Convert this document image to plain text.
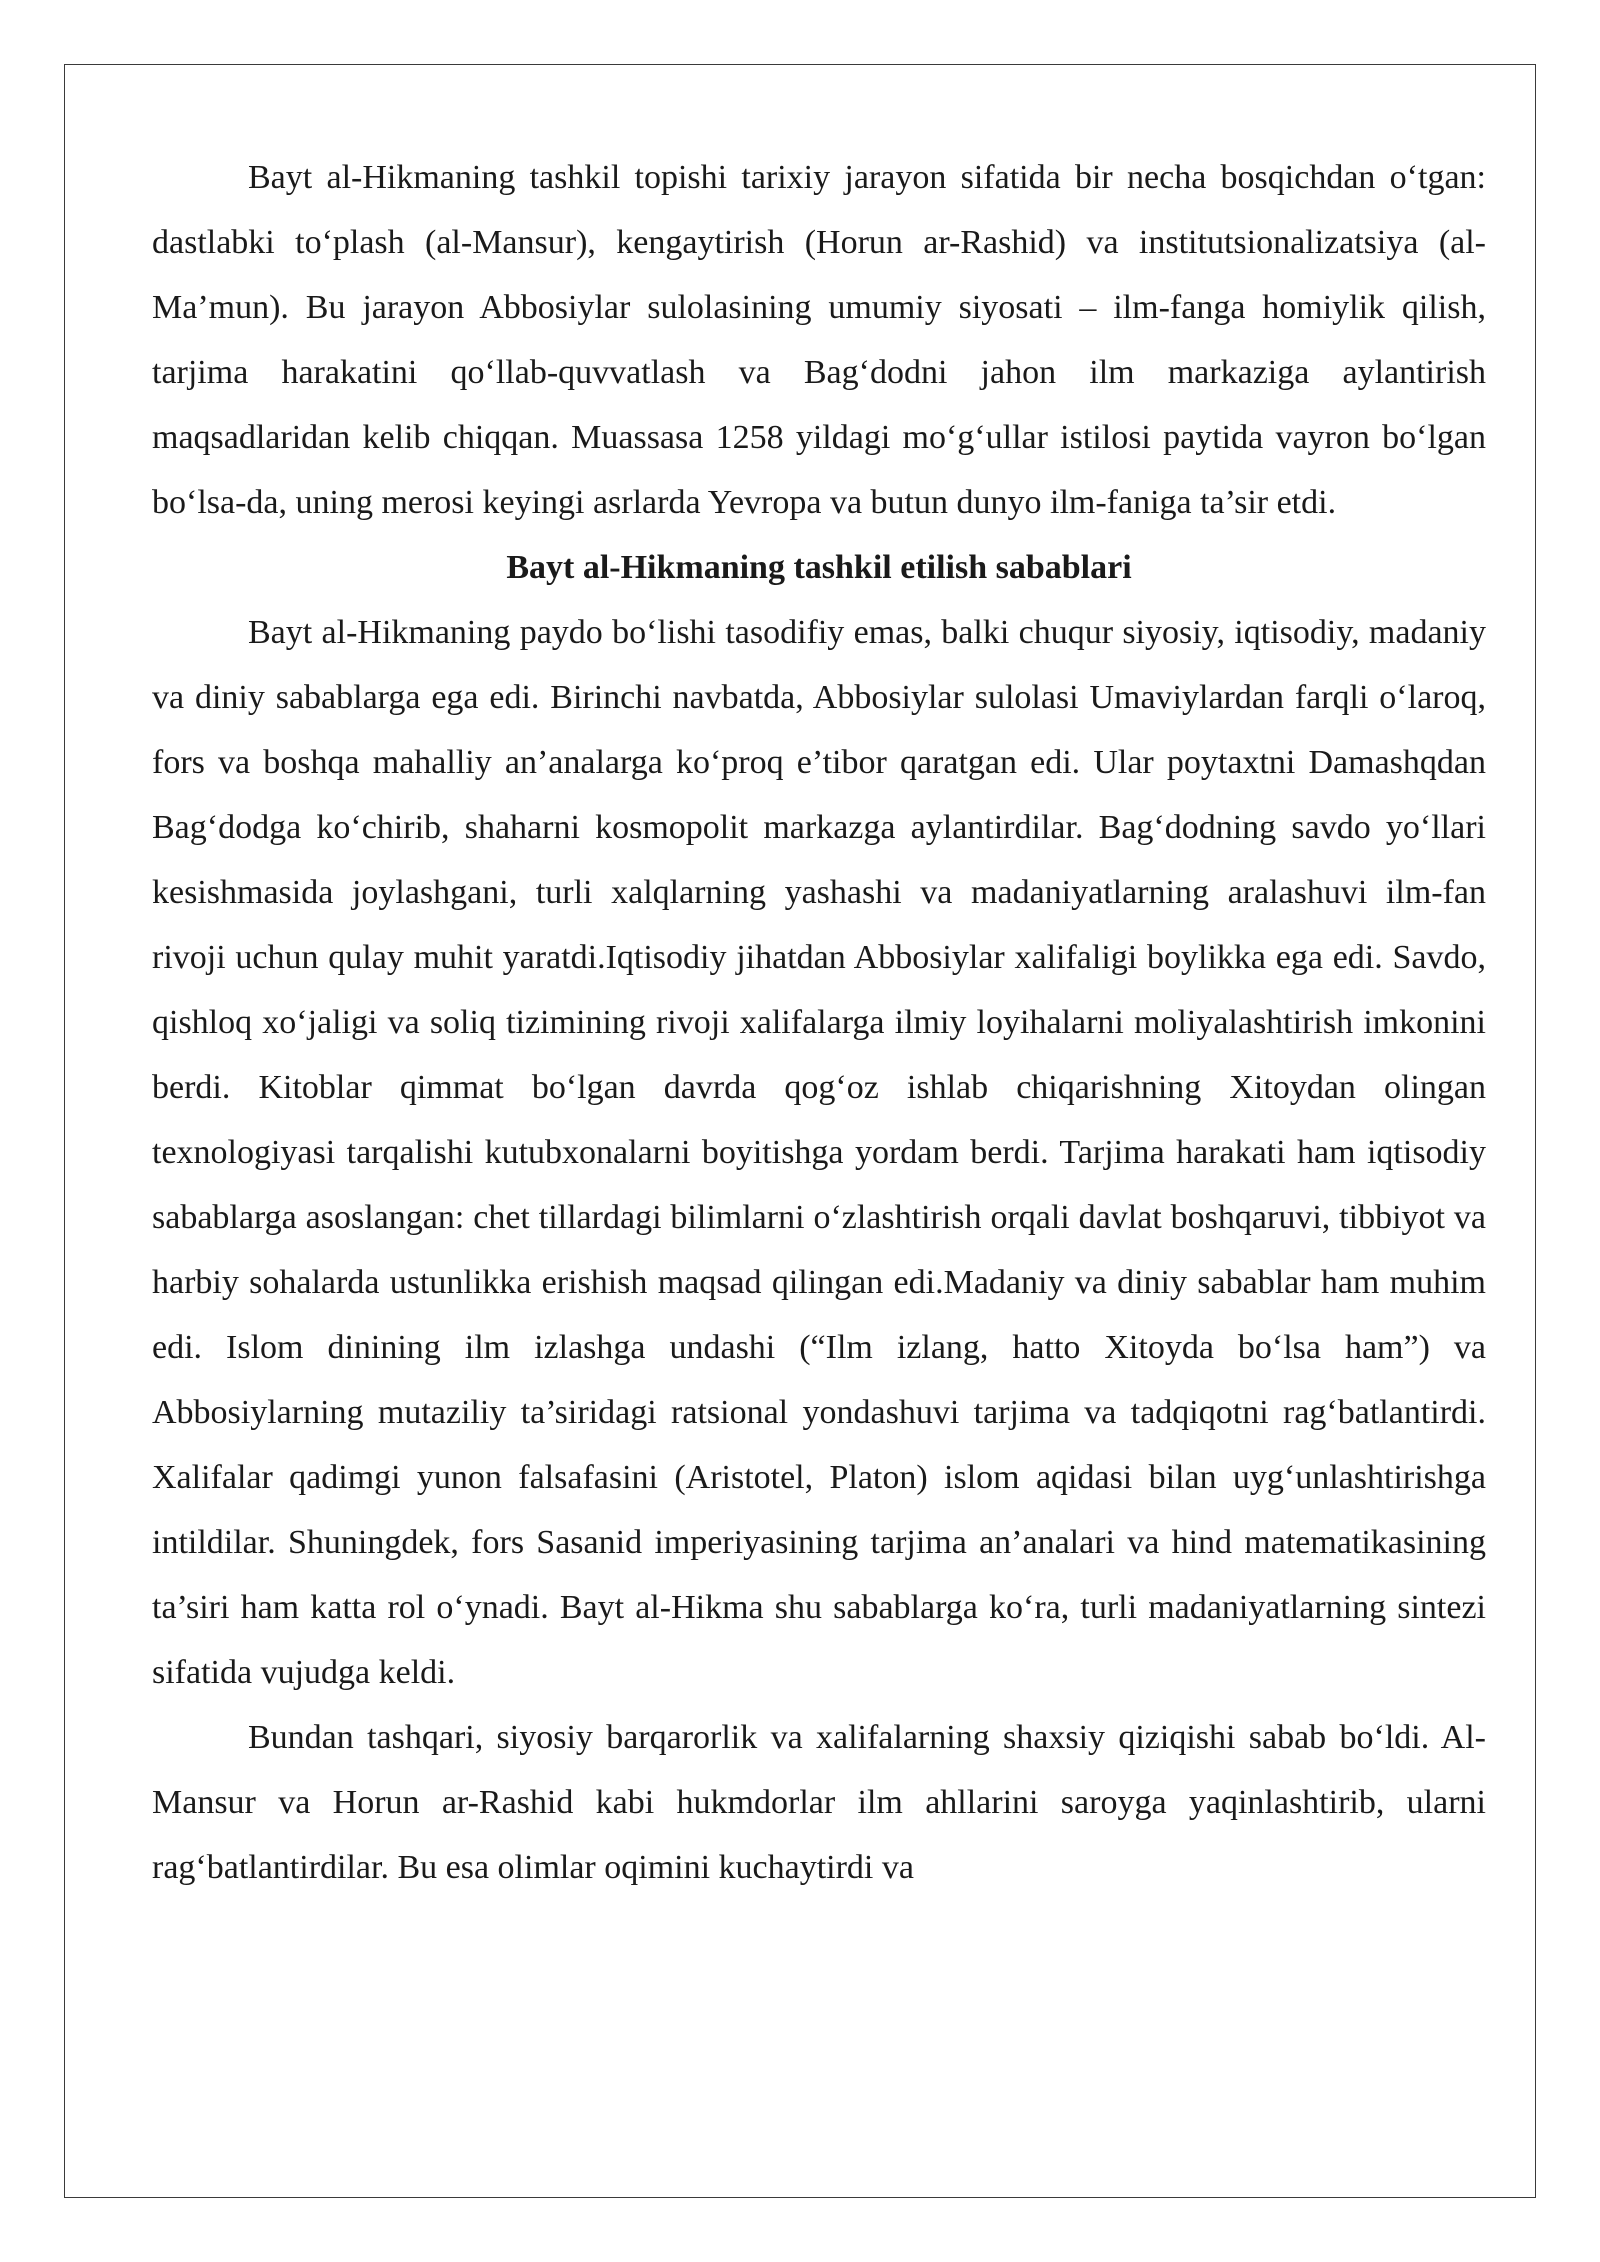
Bayt al-Hikmaning tashkil topishi tarixiy jarayon sifatida bir necha bosqichdan o‘tgan: dastlabki to‘plash (al-Mansur), kengaytirish (Horun ar-Rashid) va institutsionalizatsiya (al-Ma’mun). Bu jarayon Abbosiylar sulolasining umumiy siyosati – ilm-fanga homiylik qilish, tarjima harakatini qo‘llab-quvvatlash va Bag‘dodni jahon ilm markaziga aylantirish maqsadlaridan kelib chiqqan. Muassasa 1258 yildagi mo‘g‘ullar istilosi paytida vayron bo‘lgan bo‘lsa-da, uning merosi keyingi asrlarda Yevropa va butun dunyo ilm-faniga ta’sir etdi.

Bayt al-Hikmaning tashkil etilish sabablari

Bayt al-Hikmaning paydo bo‘lishi tasodifiy emas, balki chuqur siyosiy, iqtisodiy, madaniy va diniy sabablarga ega edi. Birinchi navbatda, Abbosiylar sulolasi Umaviylardan farqli o‘laroq, fors va boshqa mahalliy an’analarga ko‘proq e’tibor qaratgan edi. Ular poytaxtni Damashqdan Bag‘dodga ko‘chirib, shaharni kosmopolit markazga aylantirdilar. Bag‘dodning savdo yo‘llari kesishmasida joylashgani, turli xalqlarning yashashi va madaniyatlarning aralashuvi ilm-fan rivoji uchun qulay muhit yaratdi.Iqtisodiy jihatdan Abbosiylar xalifaligi boylikka ega edi. Savdo, qishloq xo‘jaligi va soliq tizimining rivoji xalifalarga ilmiy loyihalarni moliyalashtirish imkonini berdi. Kitoblar qimmat bo‘lgan davrda qog‘oz ishlab chiqarishning Xitoydan olingan texnologiyasi tarqalishi kutubxonalarni boyitishga yordam berdi. Tarjima harakati ham iqtisodiy sabablarga asoslangan: chet tillardagi bilimlarni o‘zlashtirish orqali davlat boshqaruvi, tibbiyot va harbiy sohalarda ustunlikka erishish maqsad qilingan edi.Madaniy va diniy sabablar ham muhim edi. Islom dinining ilm izlashga undashi (“Ilm izlang, hatto Xitoyda bo‘lsa ham”) va Abbosiylarning mutaziliy ta’siridagi ratsional yondashuvi tarjima va tadqiqotni rag‘batlantirdi. Xalifalar qadimgi yunon falsafasini (Aristotel, Platon) islom aqidasi bilan uyg‘unlashtirishga intildilar. Shuningdek, fors Sasanid imperiyasining tarjima an’analari va hind matematikasining ta’siri ham katta rol o‘ynadi. Bayt al-Hikma shu sabablarga ko‘ra, turli madaniyatlarning sintezi sifatida vujudga keldi.

Bundan tashqari, siyosiy barqarorlik va xalifalarning shaxsiy qiziqishi sabab bo‘ldi. Al-Mansur va Horun ar-Rashid kabi hukmdorlar ilm ahllarini saroyga yaqinlashtirib, ularni rag‘batlantirdilar. Bu esa olimlar oqimini kuchaytirdi va
